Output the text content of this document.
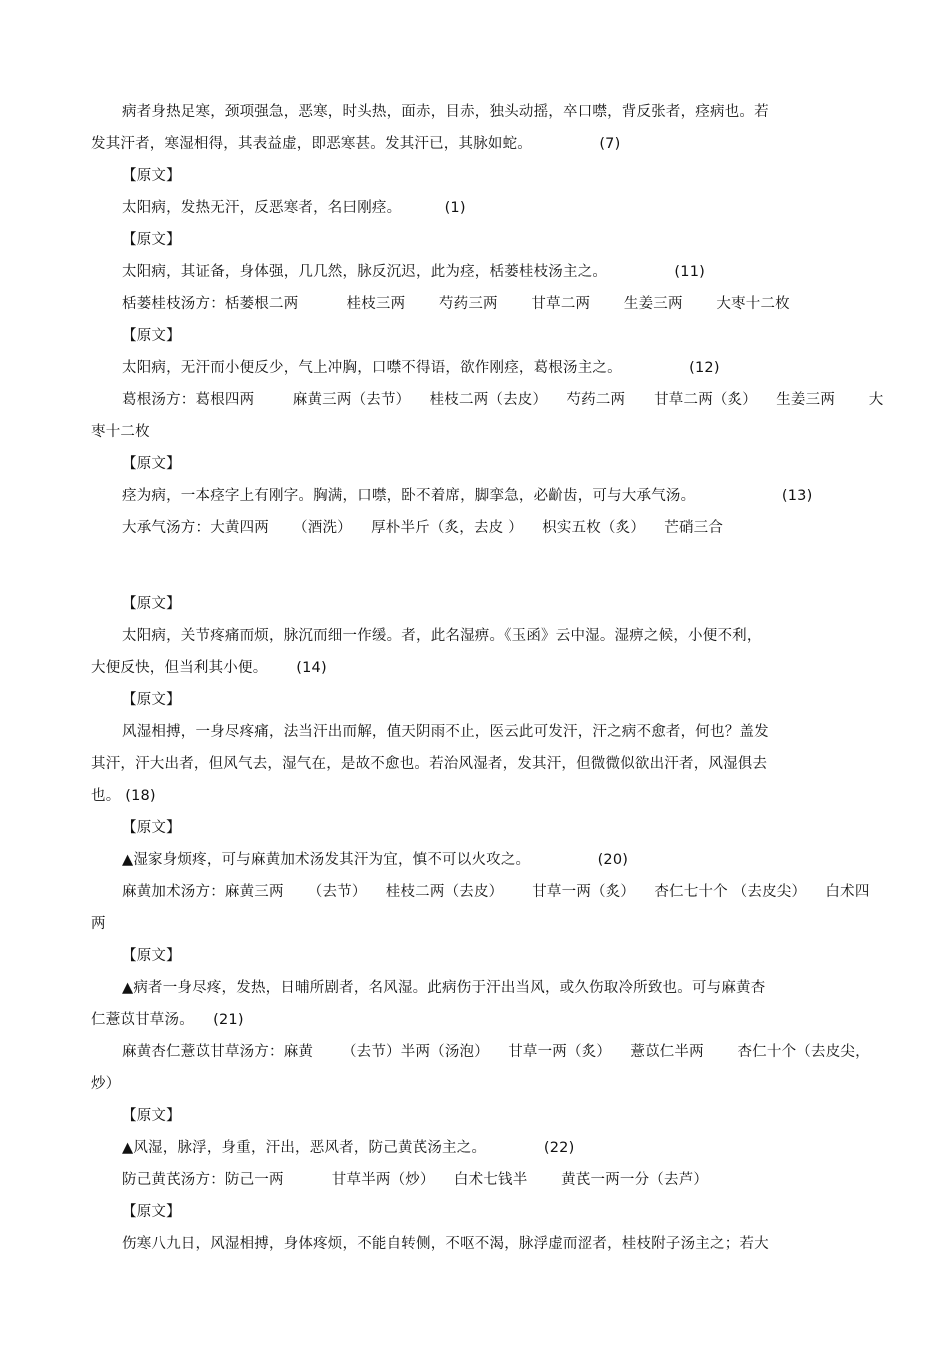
病者身热足寒，颈项强急，恶寒，时头热，面赤，目赤，独头动摇，卒口噤，背反张者，痉病也。若
发其汗者，寒湿相得，其表益虚，即恶寒甚。发其汗已，其脉如蛇。              (7)
【原文】
太阳病，发热无汗，反恶寒者，名曰刚痉。         (1)
【原文】
太阳病，其证备，身体强，几几然，脉反沉迟，此为痉，栝蒌桂枝汤主之。              (11)
栝蒌桂枝汤方：栝蒌根二两          桂枝三两       芍药三两       甘草二两       生姜三两       大枣十二枚
【原文】
太阳病，无汗而小便反少，气上冲胸，口噤不得语，欲作刚痉，葛根汤主之。              (12)
葛根汤方：葛根四两        麻黄三两（去节）    桂枝二两（去皮）    芍药二两      甘草二两（炙）    生姜三两       大
枣十二枚
【原文】
痉为病，一本痉字上有刚字。胸满，口噤，卧不着席，脚挛急，必齘齿，可与大承气汤。                  (13)
大承气汤方：大黄四两     （酒洗）    厚朴半斤（炙，去皮 ）    枳实五枚（炙）    芒硝三合
【原文】
太阳病，关节疼痛而烦，脉沉而细一作缓。者，此名湿痹。《玉函》云中湿。湿痹之候，小便不利，
大便反快，但当利其小便。      (14)
【原文】
风湿相搏，一身尽疼痛，法当汗出而解，值天阴雨不止，医云此可发汗，汗之病不愈者，何也？盖发
其汗，汗大出者，但风气去，湿气在，是故不愈也。若治风湿者，发其汗，但微微似欲出汗者，风湿俱去
也。 (18)
【原文】
▲湿家身烦疼，可与麻黄加术汤发其汗为宜，慎不可以火攻之。              (20)
麻黄加术汤方：麻黄三两     （去节）    桂枝二两（去皮）      甘草一两（炙）    杏仁七十个 （去皮尖）    白术四
两
【原文】
▲病者一身尽疼，发热，日晡所剧者，名风湿。此病伤于汗出当风，或久伤取冷所致也。可与麻黄杏
仁薏苡甘草汤。    (21)
麻黄杏仁薏苡甘草汤方：麻黄      （去节）半两（汤泡）    甘草一两（炙）    薏苡仁半两       杏仁十个（去皮尖，
炒）
【原文】
▲风湿，脉浮，身重，汗出，恶风者，防己黄芪汤主之。            (22)
防己黄芪汤方：防己一两          甘草半两（炒）    白术七钱半       黄芪一两一分（去芦）
【原文】
伤寒八九日，风湿相搏，身体疼烦，不能自转侧，不呕不渴，脉浮虚而涩者，桂枝附子汤主之；若大
